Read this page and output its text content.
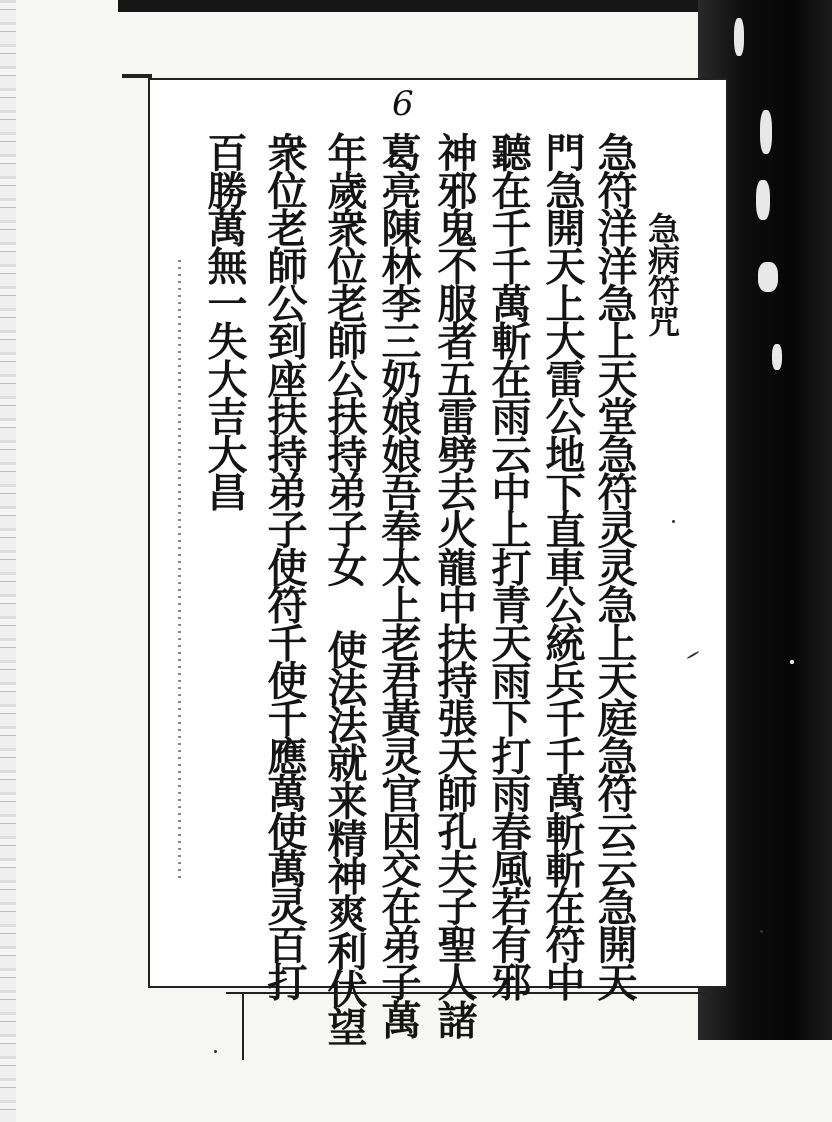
6
急病符咒
急符洋洋急上天堂急符灵灵急上天庭急符云云急開天
門急開天上大雷公地下直車公統兵千千萬斬斬在符中
聽在千千萬斬在雨云中上打青天雨下打雨春風若有邪
神邪鬼不服者五雷劈去火龍中扶持張天師孔夫子聖人諸
葛亮陳林李三奶娘娘吾奉太上老君黃灵官因交在弟子萬
年歲衆位老師公扶持弟子女 使法法就来精神爽利伏望
衆位老師公到座扶持弟子使符千使千應萬使萬灵百打
百勝萬無一失大吉大昌
